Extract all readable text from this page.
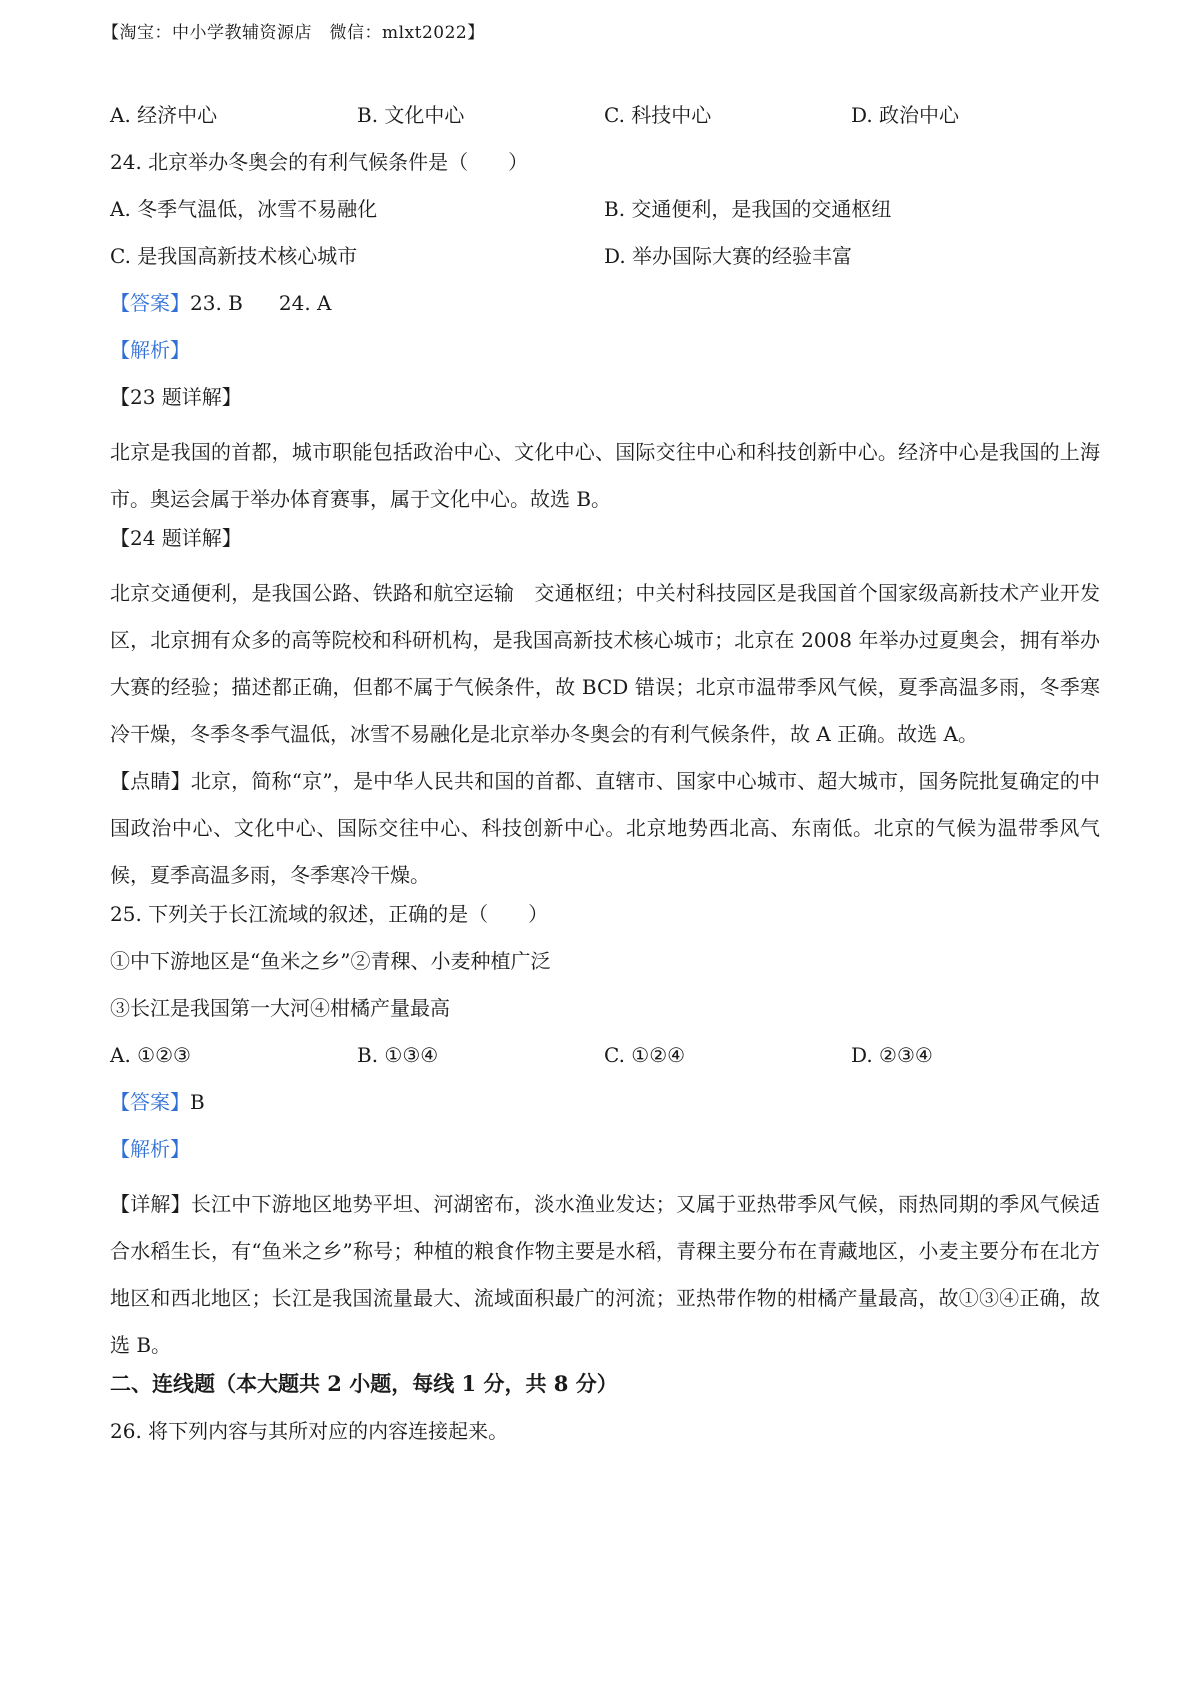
【淘宝：中小学教辅资源店　微信：mlxt2022】
A. 经济中心	B. 文化中心	C. 科技中心	D. 政治中心
24. 北京举办冬奥会的有利气候条件是（　　）
A. 冬季气温低，冰雪不易融化	B. 交通便利，是我国的交通枢纽
C. 是我国高新技术核心城市	D. 举办国际大赛的经验丰富
【答案】23. B 24. A
【解析】
【23 题详解】
北京是我国的首都，城市职能包括政治中心、文化中心、国际交往中心和科技创新中心。经济中心是我国的上海市。奥运会属于举办体育赛事，属于文化中心。故选 B。
【24 题详解】
北京交通便利，是我国公路、铁路和航空运输　交通枢纽；中关村科技园区是我国首个国家级高新技术产业开发区，北京拥有众多的高等院校和科研机构，是我国高新技术核心城市；北京在 2008 年举办过夏奥会，拥有举办大赛的经验；描述都正确，但都不属于气候条件，故 BCD 错误；北京市温带季风气候，夏季高温多雨，冬季寒冷干燥，冬季冬季气温低，冰雪不易融化是北京举办冬奥会的有利气候条件，故 A 正确。故选 A。
【点睛】北京，简称“京”，是中华人民共和国的首都、直辖市、国家中心城市、超大城市，国务院批复确定的中国政治中心、文化中心、国际交往中心、科技创新中心。北京地势西北高、东南低。北京的气候为温带季风气候，夏季高温多雨，冬季寒冷干燥。
25. 下列关于长江流域的叙述，正确的是（　　）
①中下游地区是“鱼米之乡”②青稞、小麦种植广泛
③长江是我国第一大河④柑橘产量最高
A. ①②③	B. ①③④	C. ①②④	D. ②③④
【答案】B
【解析】
【详解】长江中下游地区地势平坦、河湖密布，淡水渔业发达；又属于亚热带季风气候，雨热同期的季风气候适合水稻生长，有“鱼米之乡”称号；种植的粮食作物主要是水稻，青稞主要分布在青藏地区，小麦主要分布在北方地区和西北地区；长江是我国流量最大、流域面积最广的河流；亚热带作物的柑橘产量最高，故①③④正确，故选 B。
二、连线题（本大题共 2 小题，每线 1 分，共 8 分）
26. 将下列内容与其所对应的内容连接起来。
